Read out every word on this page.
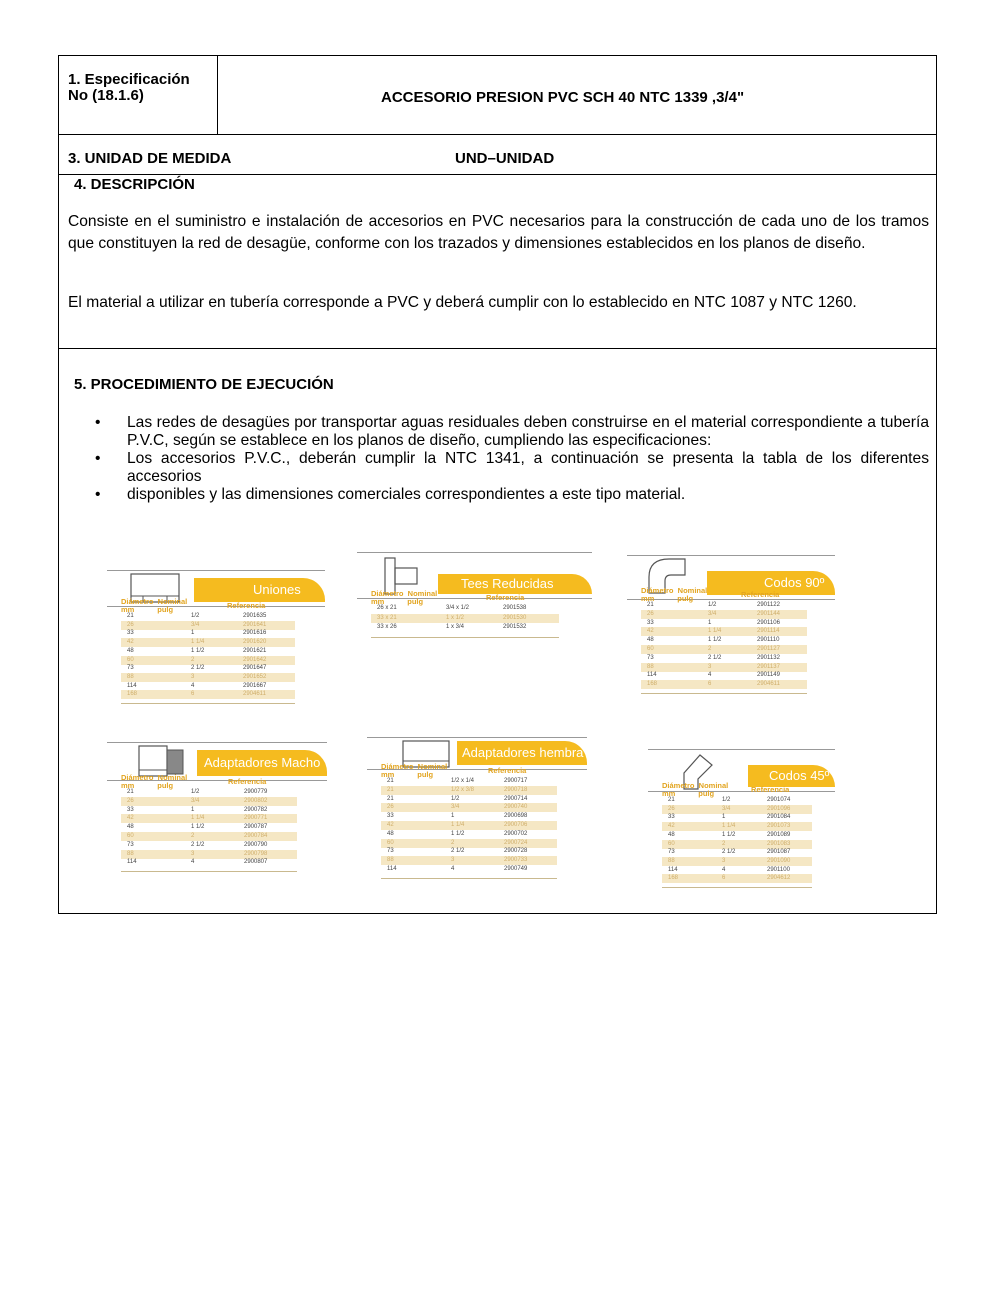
1. Especificación
No (18.1.6)	ACCESORIO PRESION PVC SCH 40 NTC 1339 ,3/4"
3. UNIDAD DE MEDIDA	UND–UNIDAD
4. DESCRIPCIÓN
Consiste en el suministro e instalación de accesorios en PVC necesarios para la construcción de cada uno de los tramos que constituyen la red de desagüe, conforme con los trazados y dimensiones establecidos en los planos de diseño.
El material a utilizar en tubería corresponde a PVC y deberá cumplir con lo establecido en NTC 1087 y NTC 1260.
5. PROCEDIMIENTO DE EJECUCIÓN
• Las redes de desagües por transportar aguas residuales deben construirse en el material correspondiente a tubería P.V.C, según se establece en los planos de diseño, cumpliendo las especificaciones:
• Los accesorios P.V.C., deberán cumplir la NTC 1341, a continuación se presenta la tabla de los diferentes accesorios
• disponibles y las dimensiones comerciales correspondientes a este tipo material.
Uniones
Diámetro  Nominal
mm           pulg	Referencia
21	1/2	2901635
26	3/4	2901641
33	1	2901616
42	1 1/4	2901620
48	1 1/2	2901621
60	2	2901642
73	2 1/2	2901647
88	3	2901652
114	4	2901667
168	6	2904611
Tees Reducidas
Diámetro  Nominal
mm           pulg	Referencia
26 x 21	3/4 x 1/2	2901538
33 x 21	1 x 1/2	2901530
33 x 26	1 x 3/4	2901532
Codos 90º
Diámetro  Nominal
mm           pulg	Referencia
21	1/2	2901122
26	3/4	2901144
33	1	2901106
42	1 1/4	2901114
48	1 1/2	2901110
60	2	2901127
73	2 1/2	2901132
88	3	2901137
114	4	2901149
168	6	2904611
Adaptadores Macho
Diámetro  Nominal
mm           pulg	Referencia
21	1/2	2900779
26	3/4	2900802
33	1	2900782
42	1 1/4	2900771
48	1 1/2	2900787
60	2	2900784
73	2 1/2	2900790
88	3	2900798
114	4	2900807
Adaptadores hembra
Diámetro  Nominal
mm           pulg	Referencia
21	1/2 x 1/4	2900717
21	1/2 x 3/8	2900718
21	1/2	2900714
26	3/4	2900740
33	1	2900698
42	1 1/4	2900706
48	1 1/2	2900702
60	2	2900724
73	2 1/2	2900728
88	3	2900733
114	4	2900749
Codos 45º
Diámetro  Nominal
mm           pulg	Referencia
21	1/2	2901074
26	3/4	2901096
33	1	2901084
42	1 1/4	2901073
48	1 1/2	2901089
60	2	2901083
73	2 1/2	2901087
88	3	2901090
114	4	2901100
168	6	2904612
